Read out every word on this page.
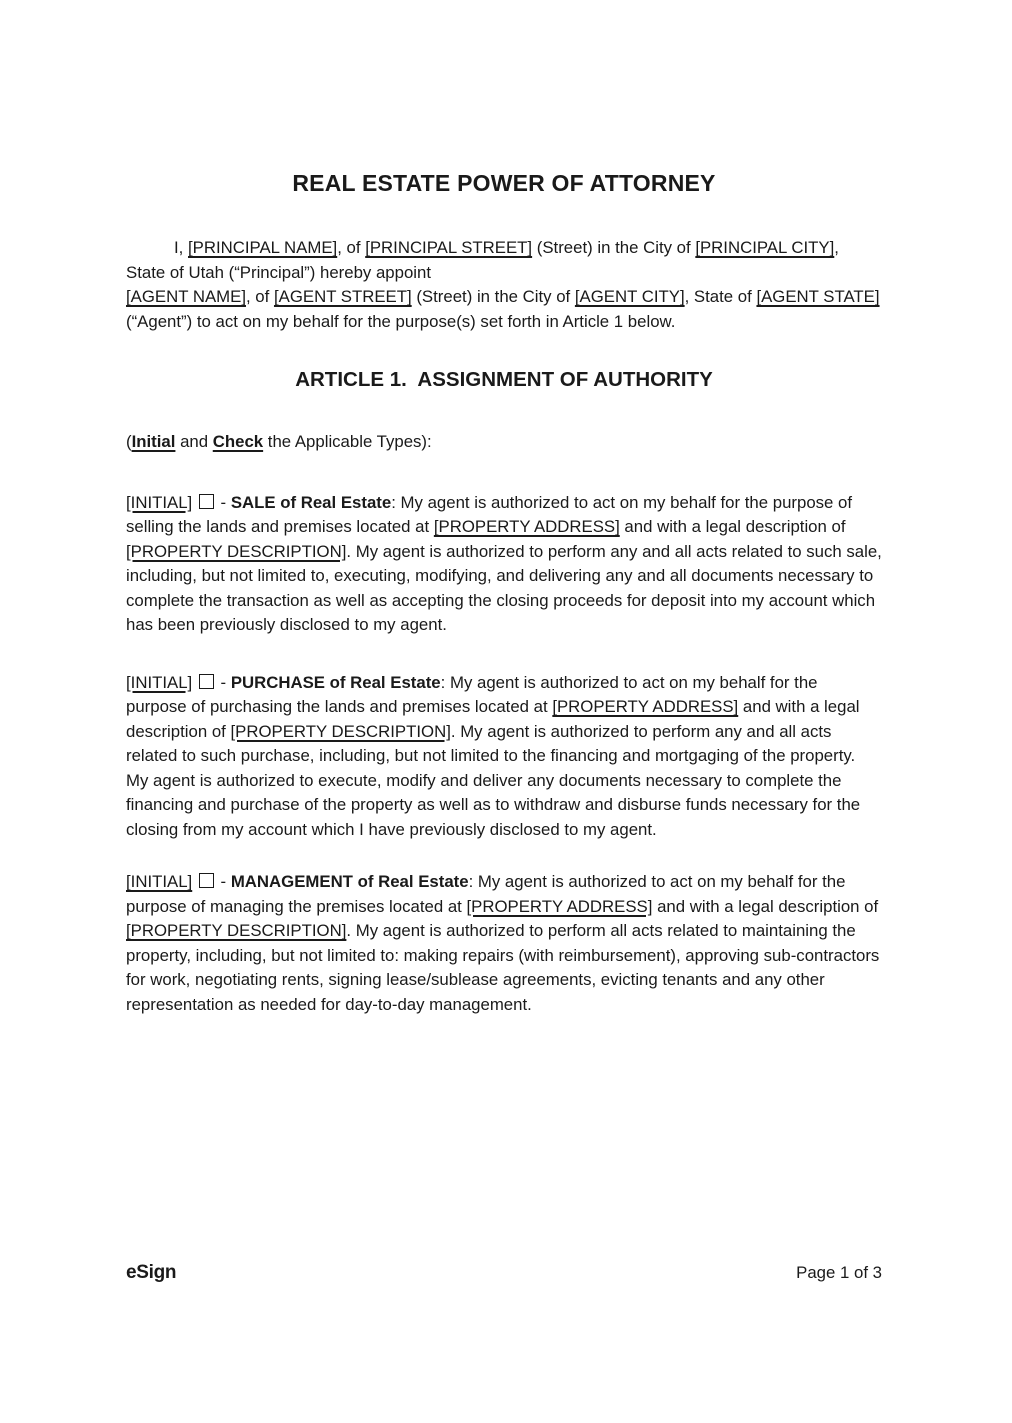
REAL ESTATE POWER OF ATTORNEY

I, [PRINCIPAL NAME], of [PRINCIPAL STREET] (Street) in the City of [PRINCIPAL CITY], State of Utah (“Principal”) hereby appoint
[AGENT NAME], of [AGENT STREET] (Street) in the City of [AGENT CITY], State of [AGENT STATE] (“Agent”) to act on my behalf for the purpose(s) set forth in Article 1 below.

ARTICLE 1.  ASSIGNMENT OF AUTHORITY

(Initial and Check the Applicable Types):

[INITIAL]  - SALE of Real Estate: My agent is authorized to act on my behalf for the purpose of selling the lands and premises located at [PROPERTY ADDRESS] and with a legal description of [PROPERTY DESCRIPTION]. My agent is authorized to perform any and all acts related to such sale, including, but not limited to, executing, modifying, and delivering any and all documents necessary to complete the transaction as well as accepting the closing proceeds for deposit into my account which has been previously disclosed to my agent.

[INITIAL]  - PURCHASE of Real Estate: My agent is authorized to act on my behalf for the purpose of purchasing the lands and premises located at [PROPERTY ADDRESS] and with a legal description of [PROPERTY DESCRIPTION]. My agent is authorized to perform any and all acts related to such purchase, including, but not limited to the financing and mortgaging of the property. My agent is authorized to execute, modify and deliver any documents necessary to complete the financing and purchase of the property as well as to withdraw and disburse funds necessary for the closing from my account which I have previously disclosed to my agent.

[INITIAL]  - MANAGEMENT of Real Estate: My agent is authorized to act on my behalf for the purpose of managing the premises located at [PROPERTY ADDRESS] and with a legal description of [PROPERTY DESCRIPTION]. My agent is authorized to perform all acts related to maintaining the property, including, but not limited to: making repairs (with reimbursement), approving sub-contractors for work, negotiating rents, signing lease/sublease agreements, evicting tenants and any other representation as needed for day-to-day management.

eSign	Page 1 of 3
